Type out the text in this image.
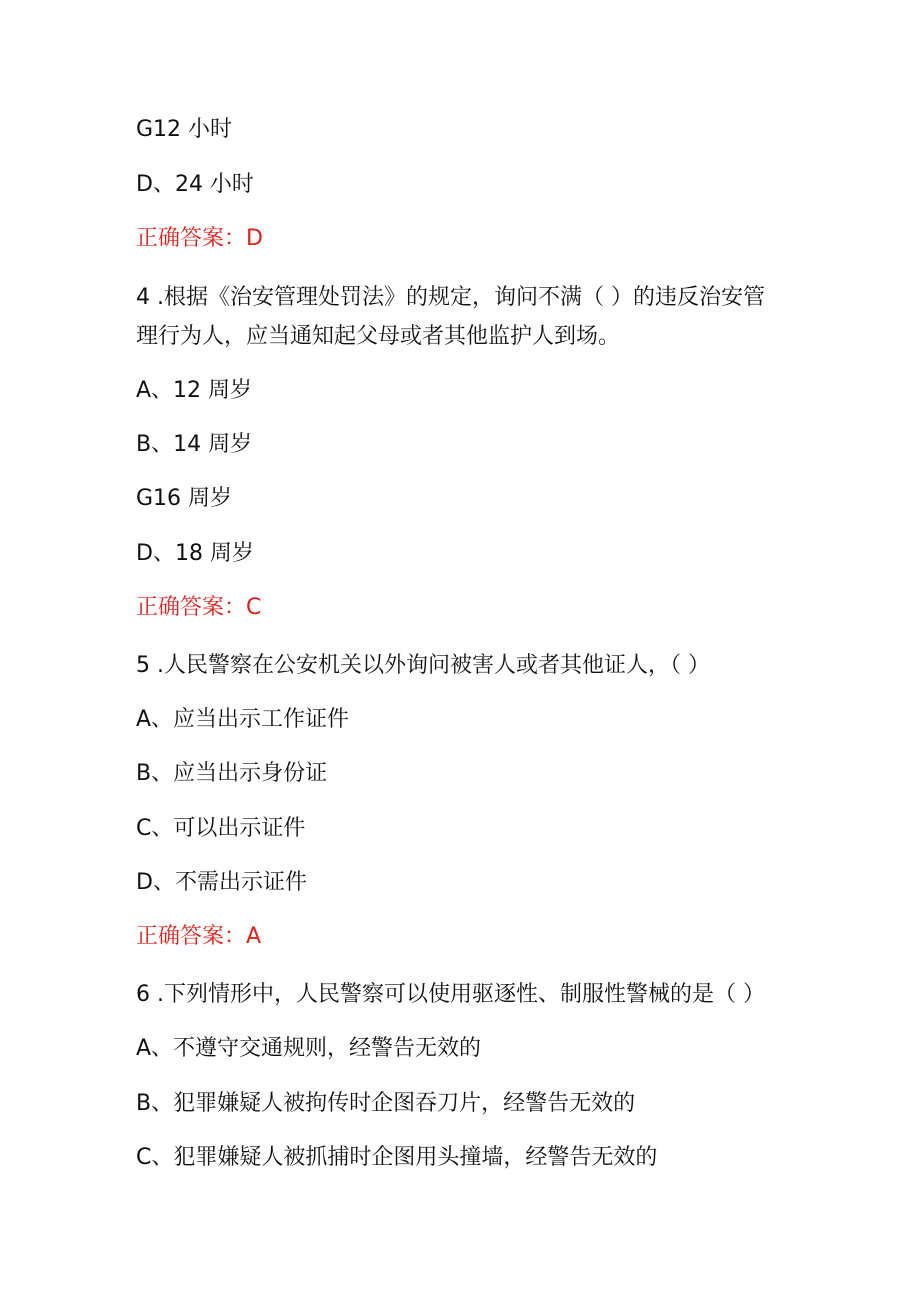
G12 小时
D、24 小时
正确答案：D
4 .根据《治安管理处罚法》的规定，询问不满（ ）的违反治安管
理行为人，应当通知起父母或者其他监护人到场。
A、12 周岁
B、14 周岁
G16 周岁
D、18 周岁
正确答案：C
5 .人民警察在公安机关以外询问被害人或者其他证人，（ ）
A、应当出示工作证件
B、应当出示身份证
C、可以出示证件
D、不需出示证件
正确答案：A
6 .下列情形中，人民警察可以使用驱逐性、制服性警械的是（ ）
A、不遵守交通规则，经警告无效的
B、犯罪嫌疑人被拘传时企图吞刀片，经警告无效的
C、犯罪嫌疑人被抓捕时企图用头撞墙，经警告无效的
